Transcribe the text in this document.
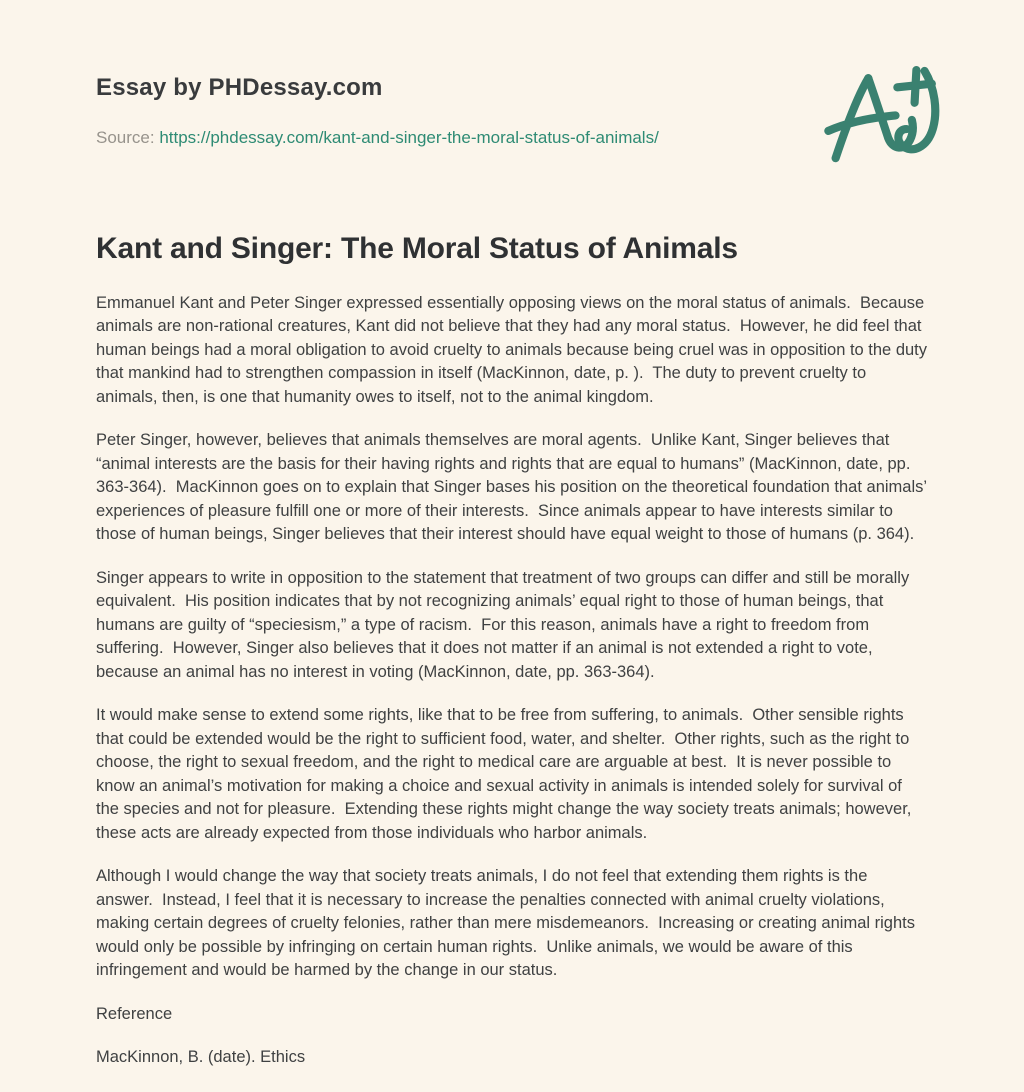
Essay by PHDessay.com

Source: https://phdessay.com/kant-and-singer-the-moral-status-of-animals/

Kant and Singer: The Moral Status of Animals

Emmanuel Kant and Peter Singer expressed essentially opposing views on the moral status of animals.  Because animals are non-rational creatures, Kant did not believe that they had any moral status.  However, he did feel that human beings had a moral obligation to avoid cruelty to animals because being cruel was in opposition to the duty that mankind had to strengthen compassion in itself (MacKinnon, date, p. ).  The duty to prevent cruelty to animals, then, is one that humanity owes to itself, not to the animal kingdom.

Peter Singer, however, believes that animals themselves are moral agents.  Unlike Kant, Singer believes that “animal interests are the basis for their having rights and rights that are equal to humans” (MacKinnon, date, pp. 363-364).  MacKinnon goes on to explain that Singer bases his position on the theoretical foundation that animals’ experiences of pleasure fulfill one or more of their interests.  Since animals appear to have interests similar to those of human beings, Singer believes that their interest should have equal weight to those of humans (p. 364).

Singer appears to write in opposition to the statement that treatment of two groups can differ and still be morally equivalent.  His position indicates that by not recognizing animals’ equal right to those of human beings, that humans are guilty of “speciesism,” a type of racism.  For this reason, animals have a right to freedom from suffering.  However, Singer also believes that it does not matter if an animal is not extended a right to vote, because an animal has no interest in voting (MacKinnon, date, pp. 363-364).

It would make sense to extend some rights, like that to be free from suffering, to animals.  Other sensible rights that could be extended would be the right to sufficient food, water, and shelter.  Other rights, such as the right to choose, the right to sexual freedom, and the right to medical care are arguable at best.  It is never possible to know an animal’s motivation for making a choice and sexual activity in animals is intended solely for survival of the species and not for pleasure.  Extending these rights might change the way society treats animals; however, these acts are already expected from those individuals who harbor animals.

Although I would change the way that society treats animals, I do not feel that extending them rights is the answer.  Instead, I feel that it is necessary to increase the penalties connected with animal cruelty violations, making certain degrees of cruelty felonies, rather than mere misdemeanors.  Increasing or creating animal rights would only be possible by infringing on certain human rights.  Unlike animals, we would be aware of this infringement and would be harmed by the change in our status.

Reference

MacKinnon, B. (date). Ethics
